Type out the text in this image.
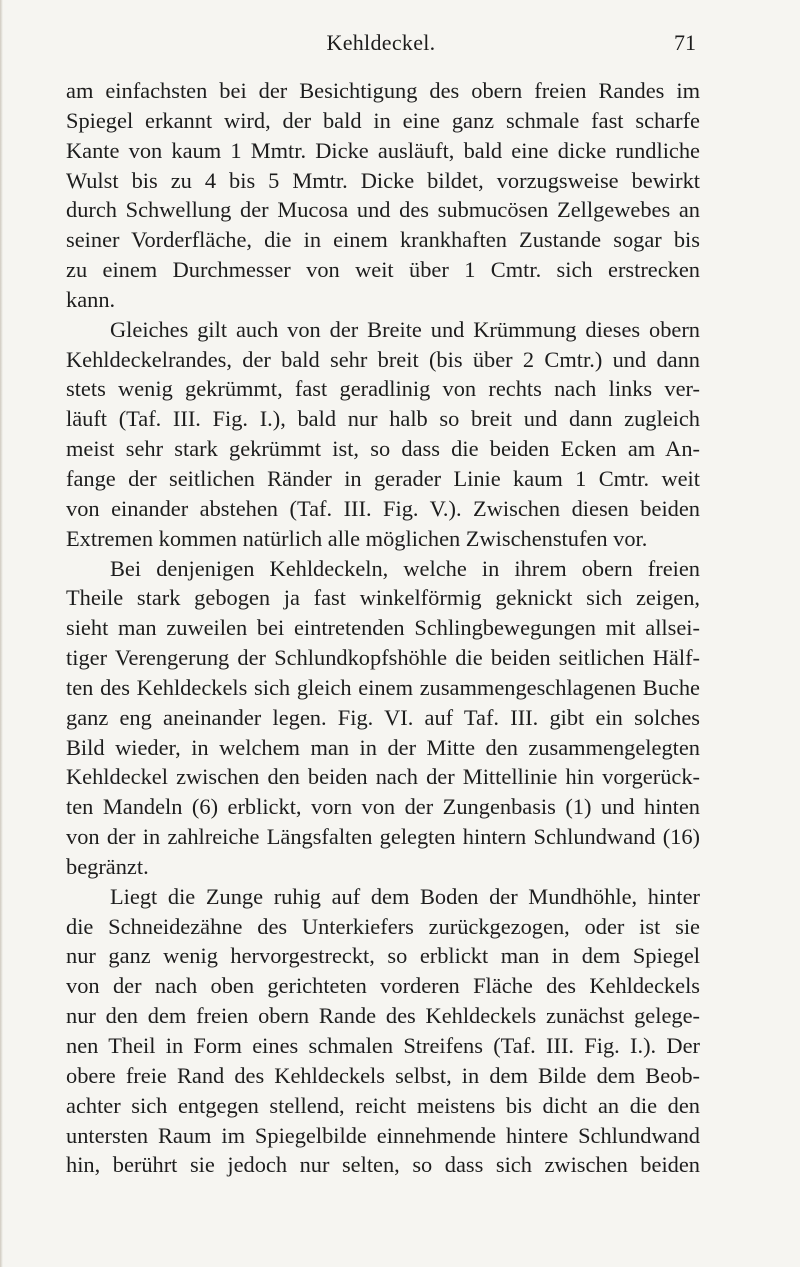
Kehldeckel.	71
am einfachsten bei der Besichtigung des obern freien Randes im
Spiegel erkannt wird, der bald in eine ganz schmale fast scharfe
Kante von kaum 1 Mmtr. Dicke ausläuft, bald eine dicke rundliche
Wulst bis zu 4 bis 5 Mmtr. Dicke bildet, vorzugsweise bewirkt
durch Schwellung der Mucosa und des submucösen Zellgewebes an
seiner Vorderfläche, die in einem krankhaften Zustande sogar bis
zu einem Durchmesser von weit über 1 Cmtr. sich erstrecken
kann.
Gleiches gilt auch von der Breite und Krümmung dieses obern
Kehldeckelrandes, der bald sehr breit (bis über 2 Cmtr.) und dann
stets wenig gekrümmt, fast geradlinig von rechts nach links ver-
läuft (Taf. III. Fig. I.), bald nur halb so breit und dann zugleich
meist sehr stark gekrümmt ist, so dass die beiden Ecken am An-
fange der seitlichen Ränder in gerader Linie kaum 1 Cmtr. weit
von einander abstehen (Taf. III. Fig. V.). Zwischen diesen beiden
Extremen kommen natürlich alle möglichen Zwischenstufen vor.
Bei denjenigen Kehldeckeln, welche in ihrem obern freien
Theile stark gebogen ja fast winkelförmig geknickt sich zeigen,
sieht man zuweilen bei eintretenden Schlingbewegungen mit allsei-
tiger Verengerung der Schlundkopfshöhle die beiden seitlichen Hälf-
ten des Kehldeckels sich gleich einem zusammengeschlagenen Buche
ganz eng aneinander legen. Fig. VI. auf Taf. III. gibt ein solches
Bild wieder, in welchem man in der Mitte den zusammengelegten
Kehldeckel zwischen den beiden nach der Mittellinie hin vorgerück-
ten Mandeln (6) erblickt, vorn von der Zungenbasis (1) und hinten
von der in zahlreiche Längsfalten gelegten hintern Schlundwand (16)
begränzt.
Liegt die Zunge ruhig auf dem Boden der Mundhöhle, hinter
die Schneidezähne des Unterkiefers zurückgezogen, oder ist sie
nur ganz wenig hervorgestreckt, so erblickt man in dem Spiegel
von der nach oben gerichteten vorderen Fläche des Kehldeckels
nur den dem freien obern Rande des Kehldeckels zunächst gelege-
nen Theil in Form eines schmalen Streifens (Taf. III. Fig. I.). Der
obere freie Rand des Kehldeckels selbst, in dem Bilde dem Beob-
achter sich entgegen stellend, reicht meistens bis dicht an die den
untersten Raum im Spiegelbilde einnehmende hintere Schlundwand
hin, berührt sie jedoch nur selten, so dass sich zwischen beiden
